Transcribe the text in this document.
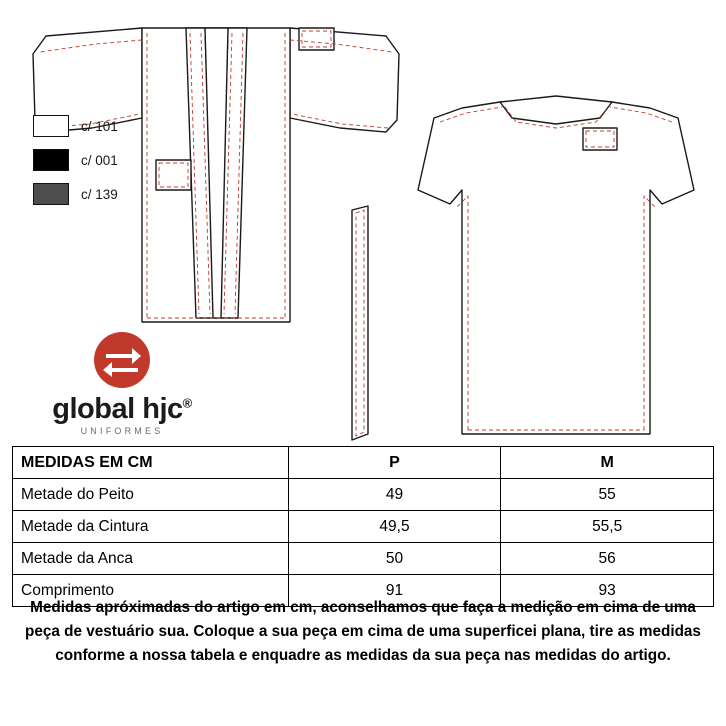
c/ 101
c/ 001
c/ 139
global hjc®
UNIFORMES
MEDIDAS EM CM	P	M
Metade do Peito	49	55
Metade da Cintura	49,5	55,5
Metade da Anca	50	56
Comprimento	91	93
Medidas apróximadas do artigo em cm, aconselhamos que faça a medição em cima de uma peça de vestuário sua. Coloque a sua peça em cima de uma superficei plana, tire as medidas conforme a nossa tabela e enquadre as medidas da sua peça nas medidas do artigo.
